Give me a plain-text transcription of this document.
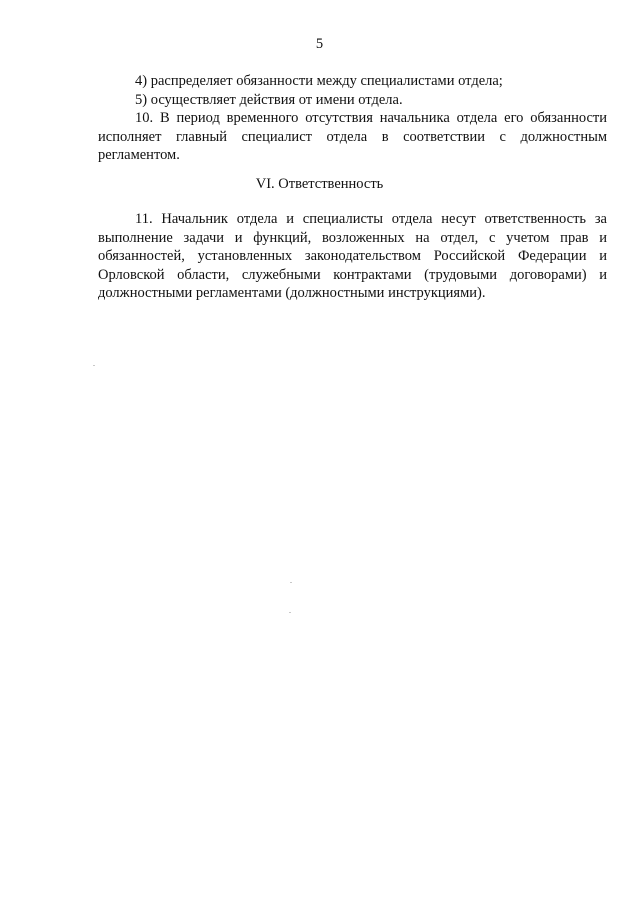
5

4) распределяет обязанности между специалистами отдела;

5) осуществляет действия от имени отдела.

10. В период временного отсутствия начальника отдела его обязанности исполняет главный специалист отдела в соответствии с должностным регламентом.

VI. Ответственность

11. Начальник отдела и специалисты отдела несут ответственность за выполнение задачи и функций, возложенных на отдел, с учетом прав и обязанностей, установленных законодательством Российской Федерации и Орловской области, служебными контрактами (трудовыми договорами) и должностными регламентами (должностными инструкциями).
